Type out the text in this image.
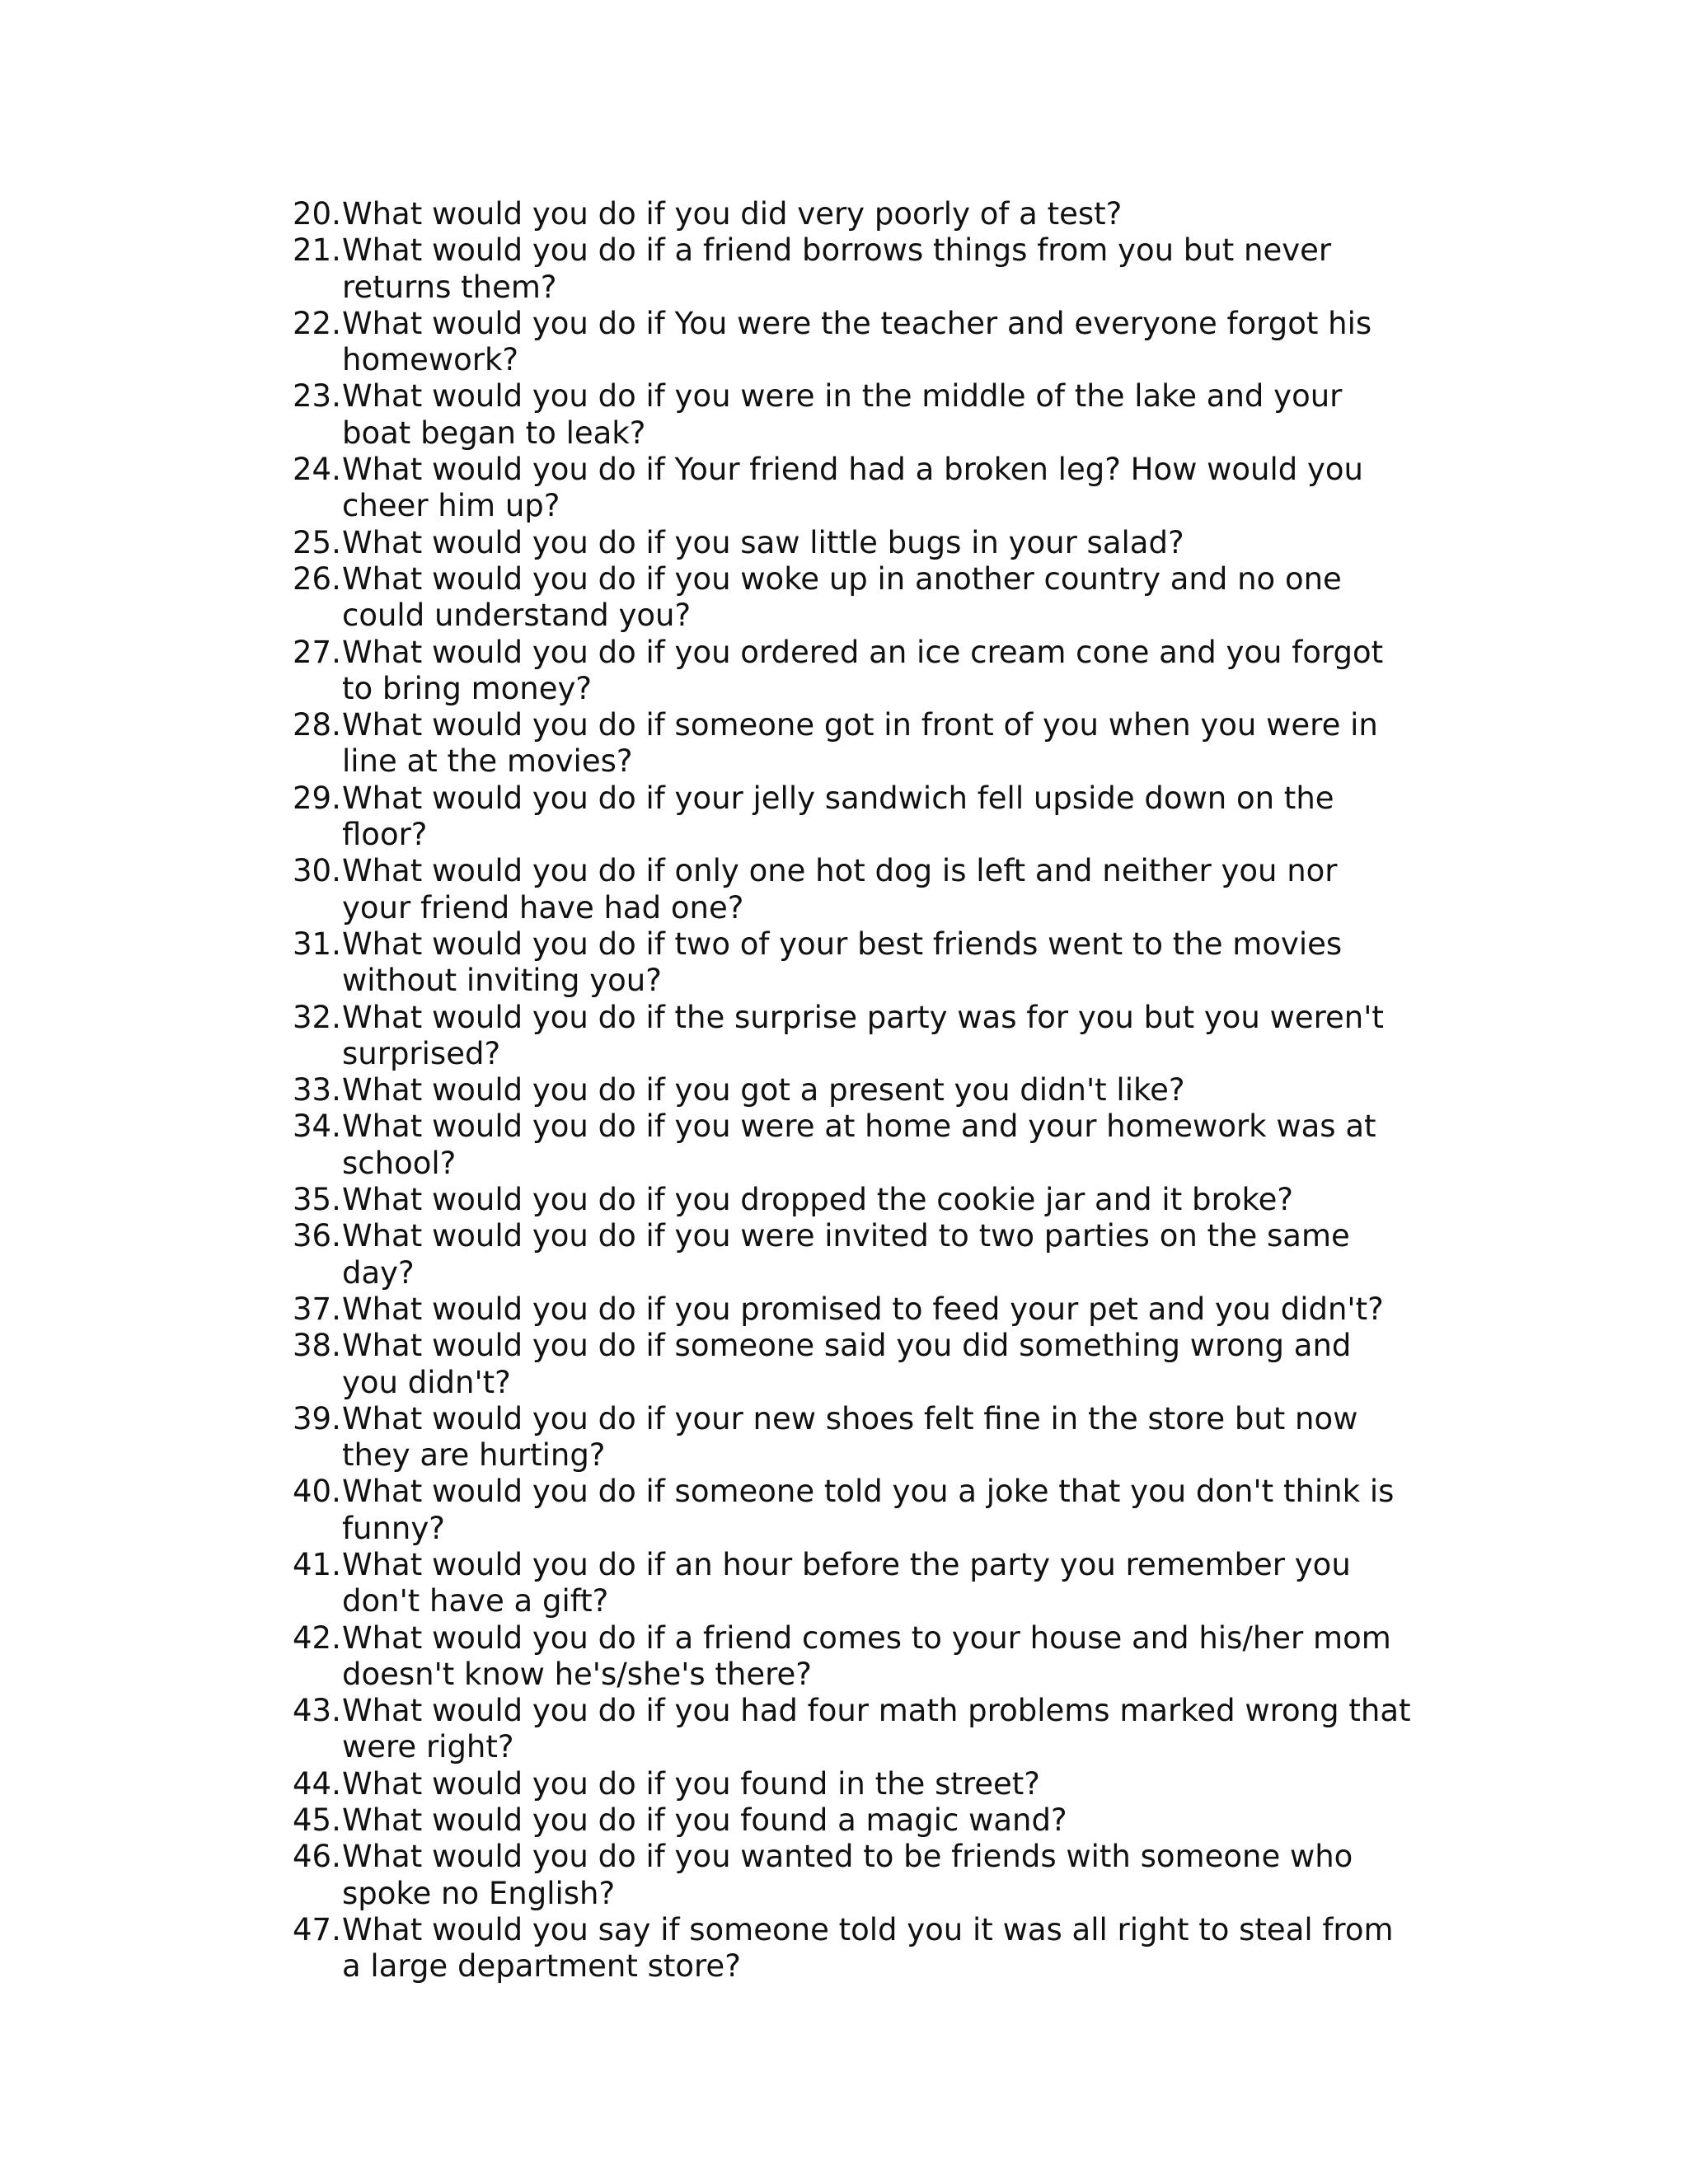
20. What would you do if you did very poorly of a test?
21. What would you do if a friend borrows things from you but never returns them?
22. What would you do if You were the teacher and everyone forgot his homework?
23. What would you do if you were in the middle of the lake and your boat began to leak?
24. What would you do if Your friend had a broken leg? How would you cheer him up?
25. What would you do if you saw little bugs in your salad?
26. What would you do if you woke up in another country and no one could understand you?
27. What would you do if you ordered an ice cream cone and you forgot to bring money?
28. What would you do if someone got in front of you when you were in line at the movies?
29. What would you do if your jelly sandwich fell upside down on the floor?
30. What would you do if only one hot dog is left and neither you nor your friend have had one?
31. What would you do if two of your best friends went to the movies without inviting you?
32. What would you do if the surprise party was for you but you weren't surprised?
33. What would you do if you got a present you didn't like?
34. What would you do if you were at home and your homework was at school?
35. What would you do if you dropped the cookie jar and it broke?
36. What would you do if you were invited to two parties on the same day?
37. What would you do if you promised to feed your pet and you didn't?
38. What would you do if someone said you did something wrong and you didn't?
39. What would you do if your new shoes felt fine in the store but now they are hurting?
40. What would you do if someone told you a joke that you don't think is funny?
41. What would you do if an hour before the party you remember you don't have a gift?
42. What would you do if a friend comes to your house and his/her mom doesn't know he's/she's there?
43. What would you do if you had four math problems marked wrong that were right?
44. What would you do if you found in the street?
45. What would you do if you found a magic wand?
46. What would you do if you wanted to be friends with someone who spoke no English?
47. What would you say if someone told you it was all right to steal from a large department store?
